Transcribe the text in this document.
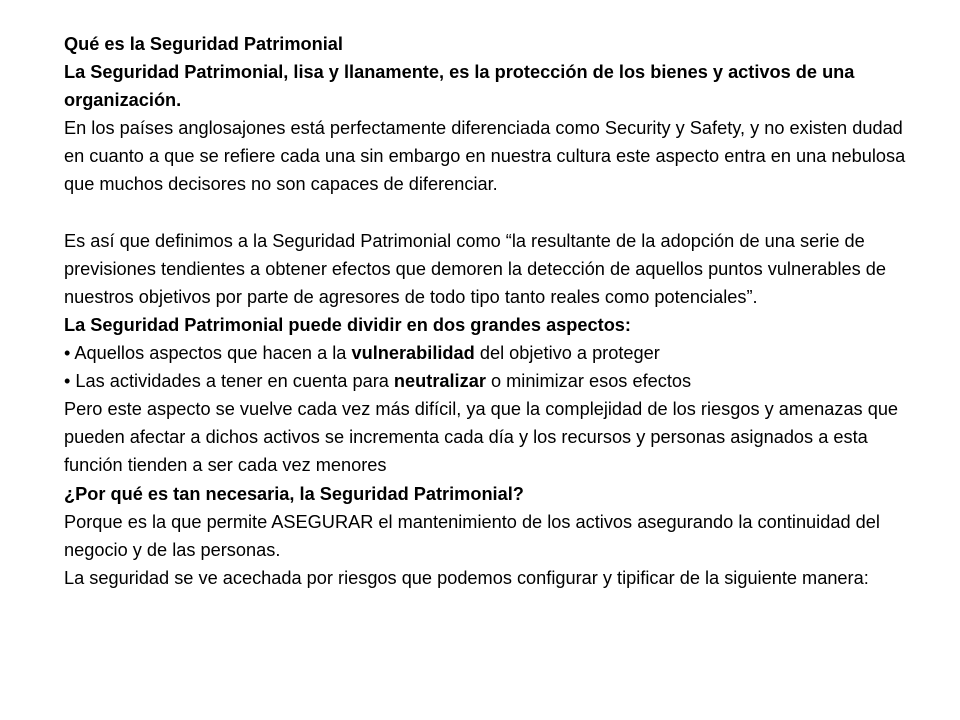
Qué es la Seguridad Patrimonial

La Seguridad Patrimonial, lisa y llanamente, es la protección de los bienes y activos de una organización.

En los países anglosajones está perfectamente diferenciada como Security y Safety, y no existen dudad en cuanto a que se refiere cada una sin embargo en nuestra cultura este aspecto entra en una nebulosa que muchos decisores no son capaces de diferenciar.

Es así que definimos a la Seguridad Patrimonial como “la resultante de la adopción de una serie de previsiones tendientes a obtener efectos que demoren la detección de aquellos puntos vulnerables de nuestros objetivos por parte de agresores de todo tipo tanto reales como potenciales”.

La Seguridad Patrimonial puede dividir en dos grandes aspectos:

• Aquellos aspectos que hacen a la vulnerabilidad del objetivo a proteger

• Las actividades a tener en cuenta para neutralizar o minimizar esos efectos

Pero este aspecto se vuelve cada vez más difícil, ya que la complejidad de los riesgos y amenazas que pueden afectar a dichos activos se incrementa cada día y los recursos y personas asignados a esta función tienden a ser cada vez menores

¿Por qué es tan necesaria, la Seguridad Patrimonial?

Porque es la que permite ASEGURAR el mantenimiento de los activos asegurando la continuidad del negocio y de las personas.

La seguridad se ve acechada por riesgos que podemos configurar y tipificar de la siguiente manera:
